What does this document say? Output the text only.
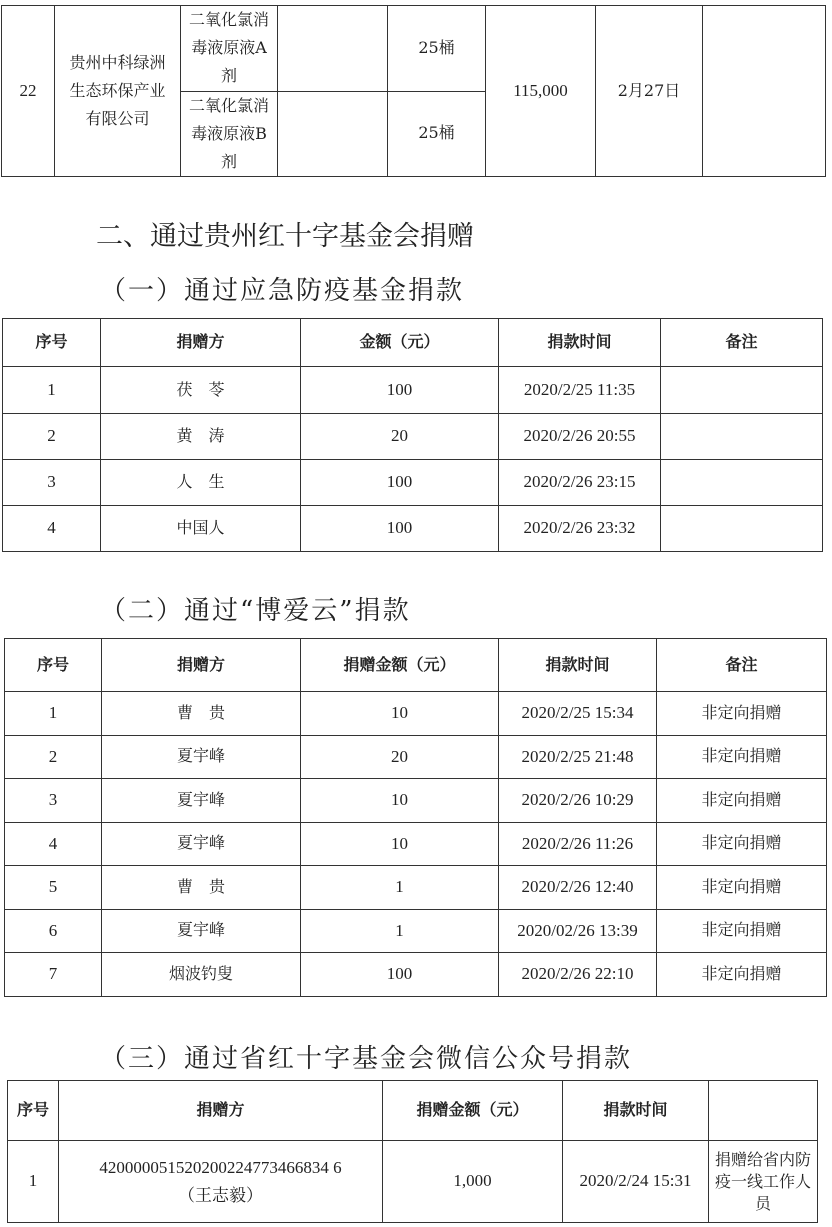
22	贵州中科绿洲生态环保产业有限公司	二氧化氯消毒液原液A剂		25桶	115,000	2月27日	
		二氧化氯消毒液原液B剂		25桶			
二、通过贵州红十字基金会捐赠
（一）通过应急防疫基金捐款
序号	捐赠方	金额（元）	捐款时间	备注
1	茯　苓	100	2020/2/25 11:35	
2	黄　涛	20	2020/2/26 20:55	
3	人　生	100	2020/2/26 23:15	
4	中国人	100	2020/2/26 23:32	
（二）通过“博爱云”捐款
序号	捐赠方	捐赠金额（元）	捐款时间	备注
1	曹　贵	10	2020/2/25 15:34	非定向捐赠
2	夏宇峰	20	2020/2/25 21:48	非定向捐赠
3	夏宇峰	10	2020/2/26 10:29	非定向捐赠
4	夏宇峰	10	2020/2/26 11:26	非定向捐赠
5	曹　贵	1	2020/2/26 12:40	非定向捐赠
6	夏宇峰	1	2020/02/26 13:39	非定向捐赠
7	烟波钓叟	100	2020/2/26 22:10	非定向捐赠
（三）通过省红十字基金会微信公众号捐款
序号	捐赠方	捐赠金额（元）	捐款时间	
1	420000051520200224773466834 6（王志毅）	1,000	2020/2/24 15:31	捐赠给省内防疫一线工作人员
